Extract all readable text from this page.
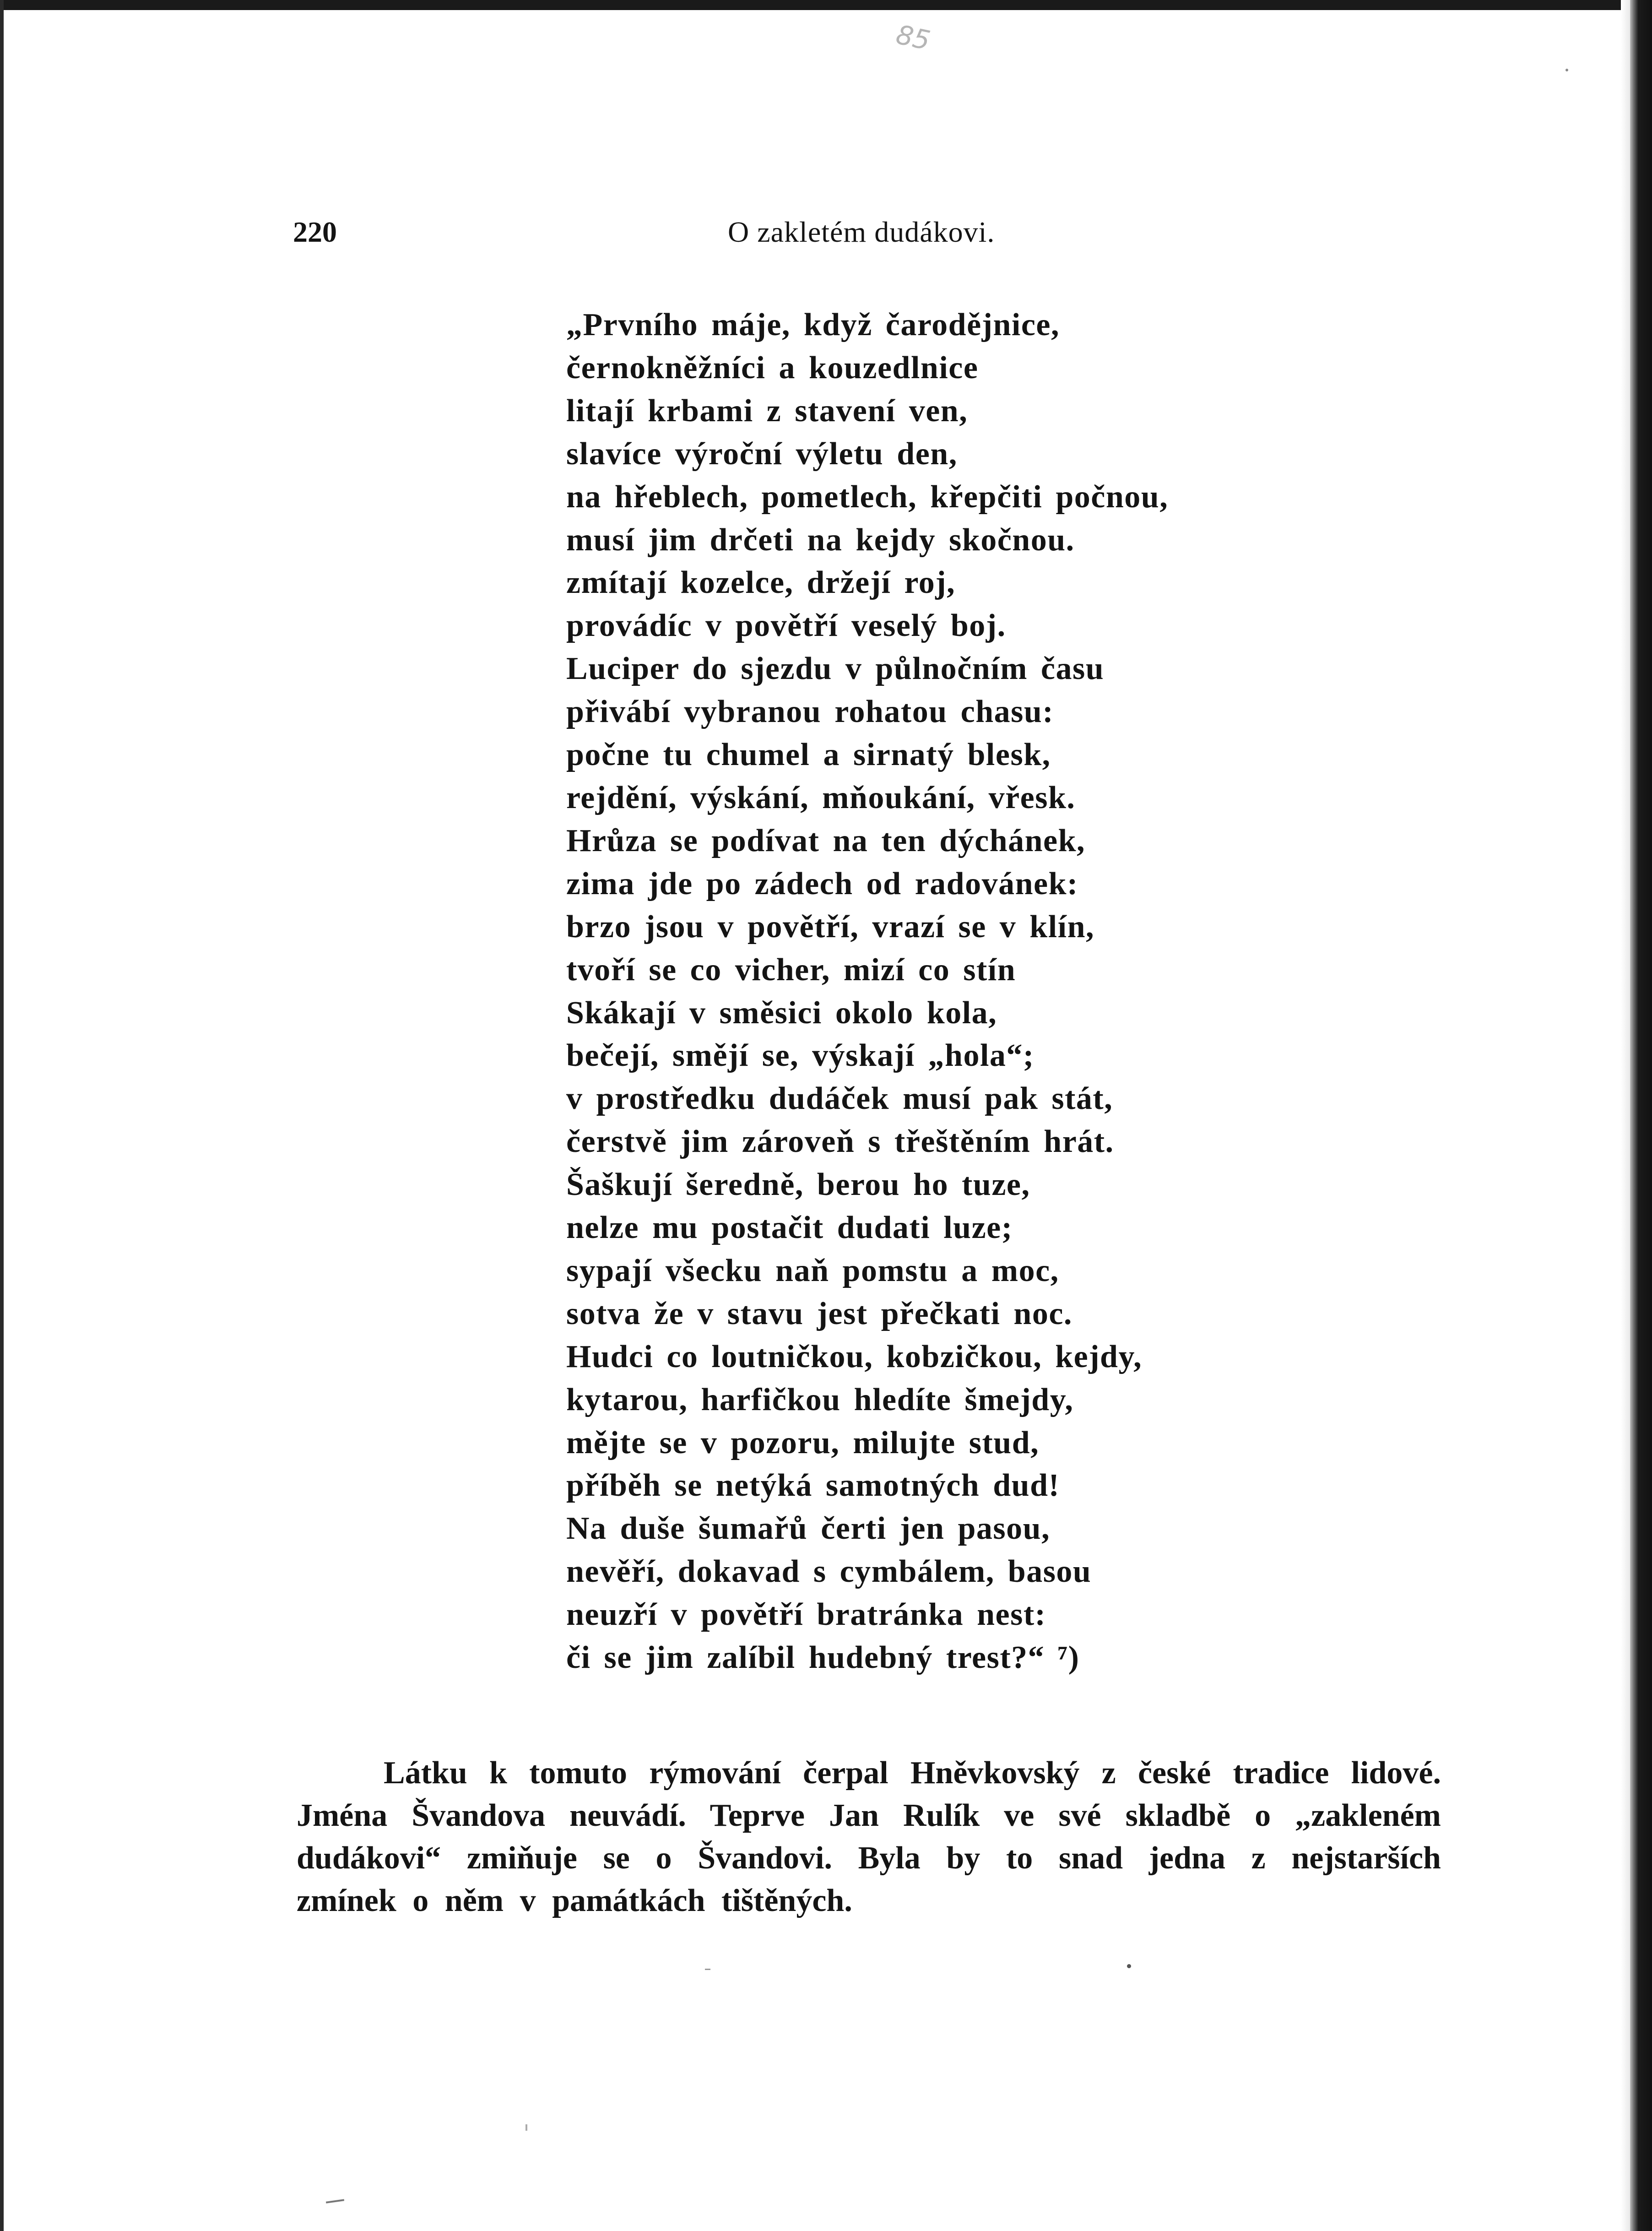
85
220	O zakletém dudákovi.
„Prvního máje, když čarodějnice,
černokněžníci a kouzedlnice
litají krbami z stavení ven,
slavíce výroční výletu den,
na hřeblech, pometlech, křepčiti počnou,
musí jim drčeti na kejdy skočnou.
zmítají kozelce, držejí roj,
provádíc v povětří veselý boj.
Luciper do sjezdu v půlnočním času
přivábí vybranou rohatou chasu:
počne tu chumel a sirnatý blesk,
rejdění, výskání, mňoukání, vřesk.
Hrůza se podívat na ten dýchánek,
zima jde po zádech od radovánek:
brzo jsou v povětří, vrazí se v klín,
tvoří se co vicher, mizí co stín
Skákají v směsici okolo kola,
bečejí, smějí se, výskají „hola“;
v prostředku dudáček musí pak stát,
čerstvě jim zároveň s třeštěním hrát.
Šaškují šeredně, berou ho tuze,
nelze mu postačit dudati luze;
sypají všecku naň pomstu a moc,
sotva že v stavu jest přečkati noc.
Hudci co loutničkou, kobzičkou, kejdy,
kytarou, harfičkou hledíte šmejdy,
mějte se v pozoru, milujte stud,
příběh se netýká samotných dud!
Na duše šumařů čerti jen pasou,
nevěří, dokavad s cymbálem, basou
neuzří v povětří bratránka nest:
či se jim zalíbil hudebný trest?“ ⁷)
Látku k tomuto rýmování čerpal Hněvkovský z české tradice lidové.
Jména Švandova neuvádí. Teprve Jan Rulík ve své skladbě o „zakleném
dudákovi“ zmiňuje se o Švandovi. Byla by to snad jedna z nejstarších
zmínek o něm v památkách tištěných.
